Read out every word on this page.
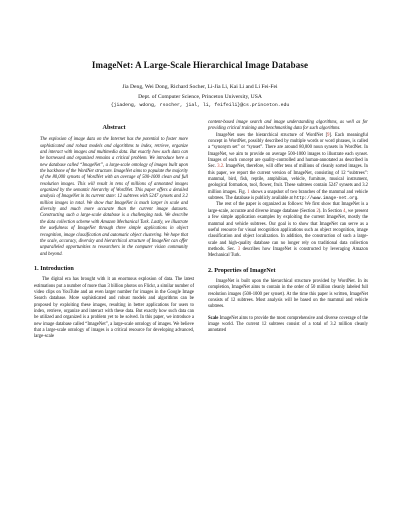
ImageNet: A Large-Scale Hierarchical Image Database
Jia Deng, Wei Dong, Richard Socher, Li-Jia Li, Kai Li and Li Fei-Fei
Dept. of Computer Science, Princeton University, USA
{jiadeng, wdong, rsocher, jial, li, feifeili}@cs.princeton.edu
Abstract

The explosion of image data on the Internet has the potential to foster more sophisticated and robust models and algorithms to index, retrieve, organize and interact with images and multimedia data. But exactly how such data can be harnessed and organized remains a critical problem. We introduce here a new database called “ImageNet”, a large-scale ontology of images built upon the backbone of the WordNet structure. ImageNet aims to populate the majority of the 80,000 synsets of WordNet with an average of 500-1000 clean and full resolution images. This will result in tens of millions of annotated images organized by the semantic hierarchy of WordNet. This paper offers a detailed analysis of ImageNet in its current state: 12 subtrees with 5247 synsets and 3.2 million images in total. We show that ImageNet is much larger in scale and diversity and much more accurate than the current image datasets. Constructing such a large-scale database is a challenging task. We describe the data collection scheme with Amazon Mechanical Turk. Lastly, we illustrate the usefulness of ImageNet through three simple applications in object recognition, image classification and automatic object clustering. We hope that the scale, accuracy, diversity and hierarchical structure of ImageNet can offer unparalleled opportunities to researchers in the computer vision community and beyond.

1. Introduction

The digital era has brought with it an enormous explosion of data. The latest estimations put a number of more than 3 billion photos on Flickr, a similar number of video clips on YouTube and an even larger number for images in the Google Image Search database. More sophisticated and robust models and algorithms can be proposed by exploiting these images, resulting in better applications for users to index, retrieve, organize and interact with these data. But exactly how such data can be utilized and organized is a problem yet to be solved. In this paper, we introduce a new image database called “ImageNet”, a large-scale ontology of images. We believe that a large-scale ontology of images is a critical resource for developing advanced, large-scale

content-based image search and image understanding algorithms, as well as for providing critical training and benchmarking data for such algorithms.

ImageNet uses the hierarchical structure of WordNet [9]. Each meaningful concept in WordNet, possibly described by multiple words or word phrases, is called a “synonym set” or “synset”. There are around 80,000 noun synsets in WordNet. In ImageNet, we aim to provide on average 500-1000 images to illustrate each synset. Images of each concept are quality-controlled and human-annotated as described in Sec. 3.2. ImageNet, therefore, will offer tens of millions of cleanly sorted images. In this paper, we report the current version of ImageNet, consisting of 12 “subtrees”: mammal, bird, fish, reptile, amphibian, vehicle, furniture, musical instrument, geological formation, tool, flower, fruit. These subtrees contain 5247 synsets and 3.2 million images. Fig. 1 shows a snapshot of two branches of the mammal and vehicle subtrees. The database is publicly available at http://www.image-net.org.

The rest of the paper is organized as follows: We first show that ImageNet is a large-scale, accurate and diverse image database (Section 2). In Section 4, we present a few simple application examples by exploiting the current ImageNet, mostly the mammal and vehicle subtrees. Our goal is to show that ImageNet can serve as a useful resource for visual recognition applications such as object recognition, image classification and object localization. In addition, the construction of such a large-scale and high-quality database can no longer rely on traditional data collection methods. Sec. 3 describes how ImageNet is constructed by leveraging Amazon Mechanical Turk.

2. Properties of ImageNet

ImageNet is built upon the hierarchical structure provided by WordNet. In its completion, ImageNet aims to contain in the order of 50 million cleanly labeled full resolution images (500-1000 per synset). At the time this paper is written, ImageNet consists of 12 subtrees. Most analysis will be based on the mammal and vehicle subtrees.

Scale ImageNet aims to provide the most comprehensive and diverse coverage of the image world. The current 12 subtrees consist of a total of 3.2 million cleanly annotated
